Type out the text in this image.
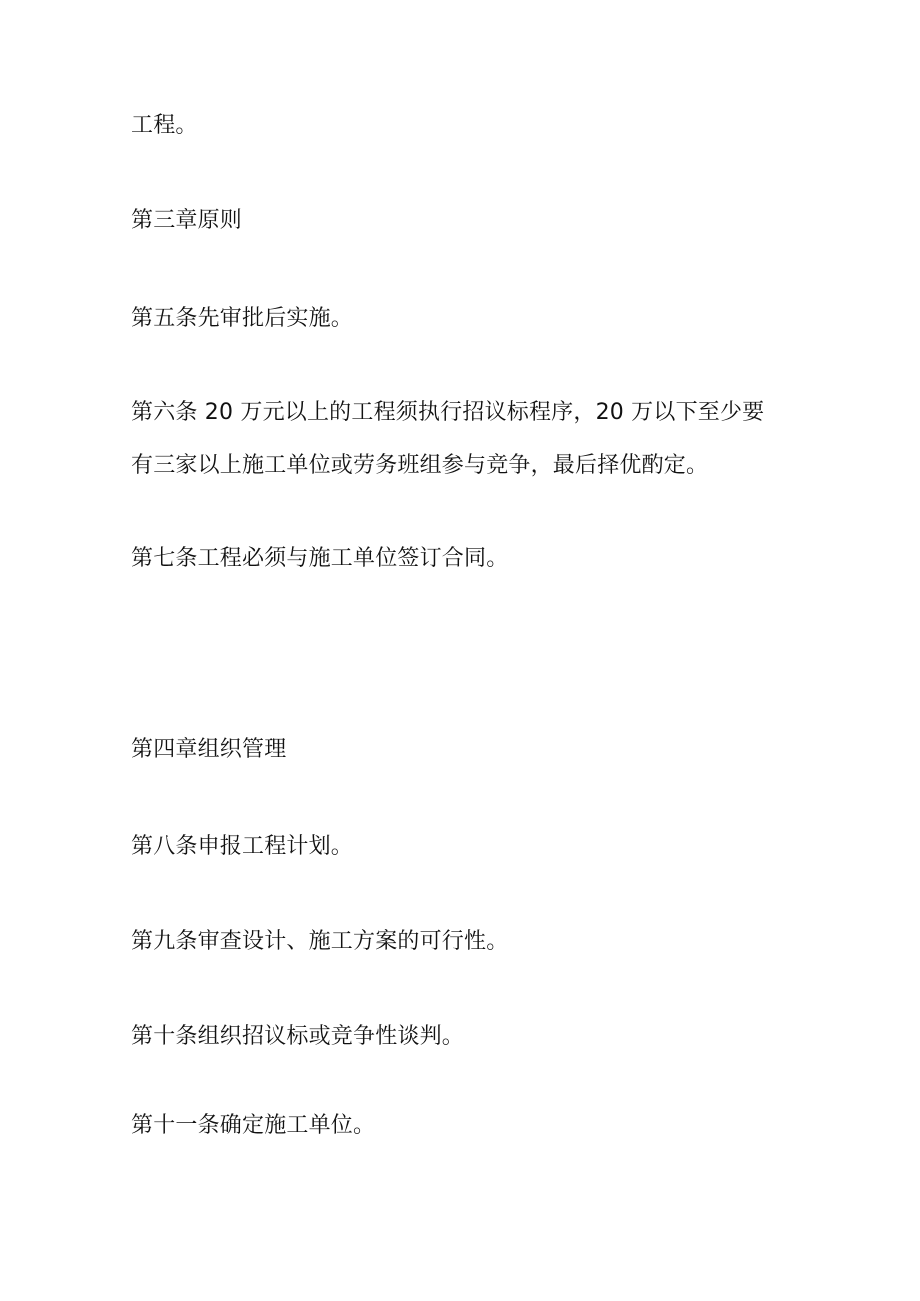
工程。

第三章原则

第五条先审批后实施。

第六条 20 万元以上的工程须执行招议标程序，20 万以下至少要

有三家以上施工单位或劳务班组参与竞争，最后择优酌定。

第七条工程必须与施工单位签订合同。

第四章组织管理

第八条申报工程计划。

第九条审查设计、施工方案的可行性。

第十条组织招议标或竞争性谈判。

第十一条确定施工单位。
